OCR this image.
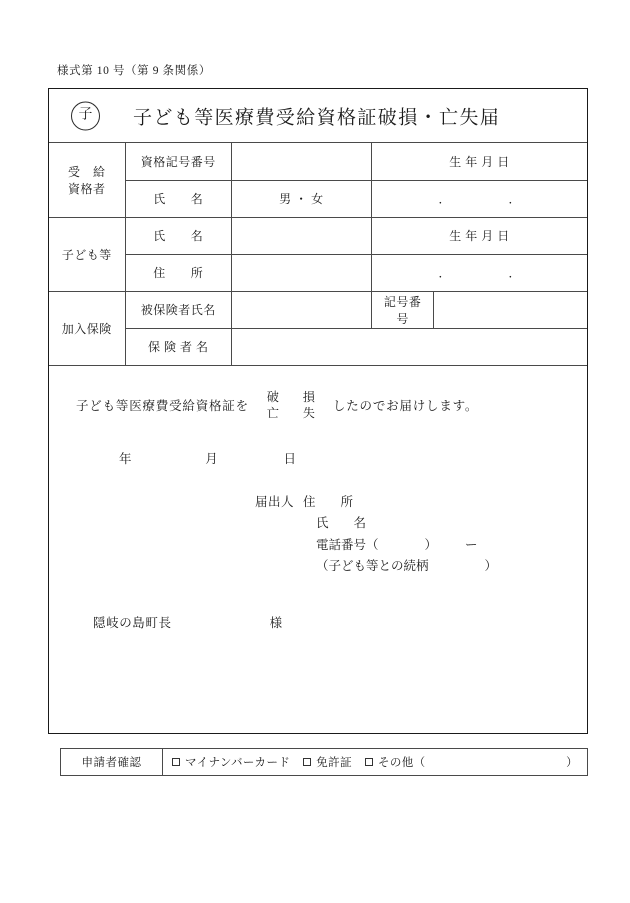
様式第 10 号（第 9 条関係）
子	子ども等医療費受給資格証破損・亡失届
受　給
資格者	資格記号番号		生 年 月 日	
	氏　　名	男 ・ 女	． ．	
子ども等	氏　　名		生 年 月 日	
	住　　所		． ．	
加入保険	被保険者氏名		記号番号	
	保 険 者 名			
子ども等医療費受給資格証を
破　損
亡　失 したのでお届けします。
年	月	日
届出人 住　　所
氏　　名
電話番号（	） ー
（子ども等との続柄	）
隠岐の島町長	様
申請者確認	マイナンバーカード	免許証	その他（	）
